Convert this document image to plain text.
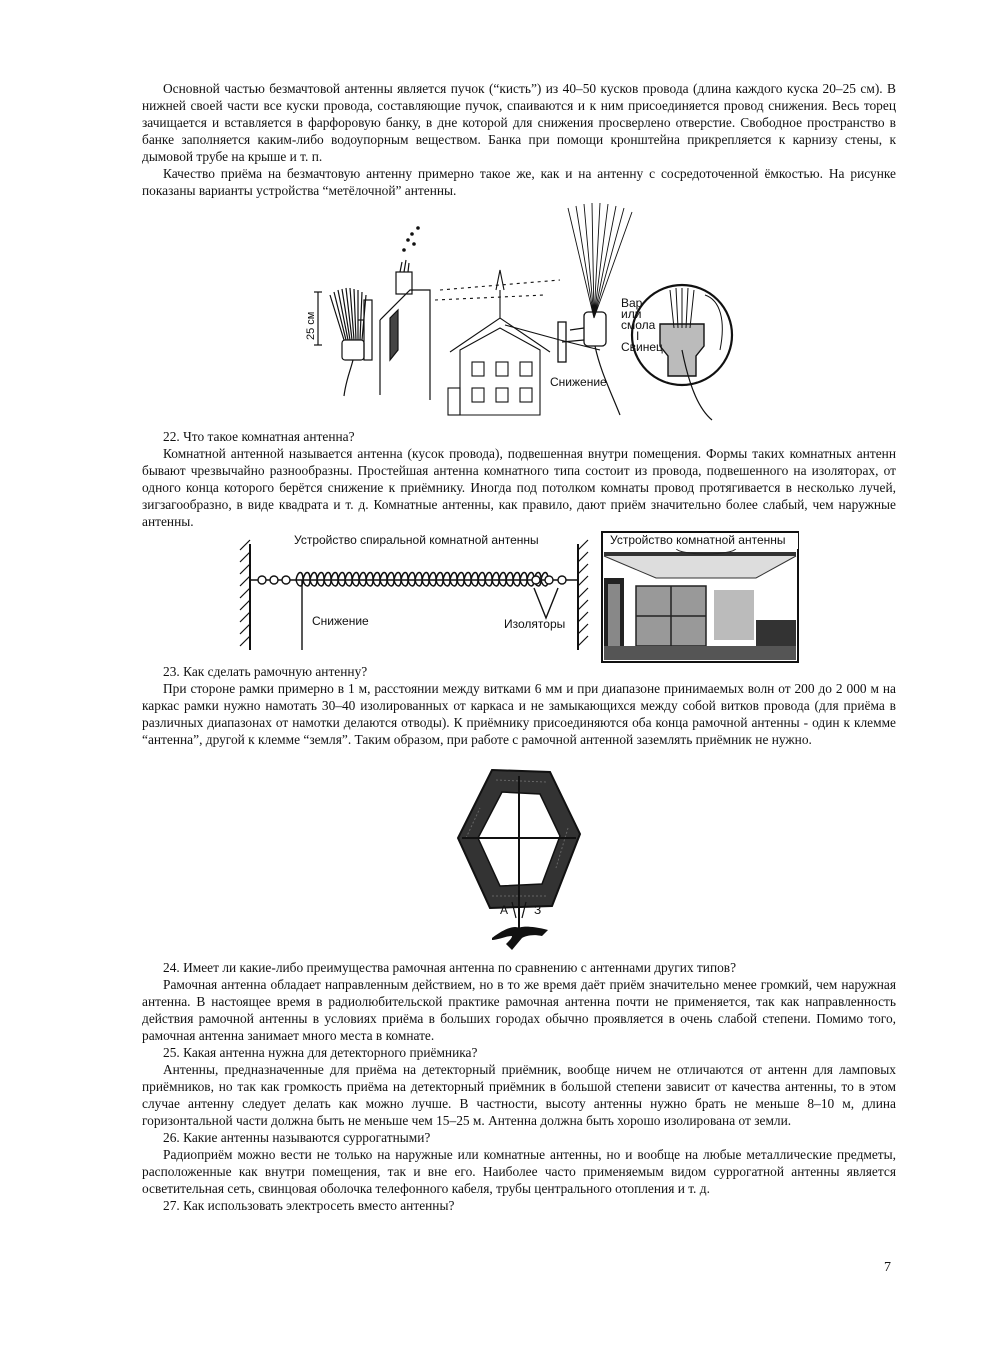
Основной частью безмачтовой антенны является пучок (“кисть”) из 40–50 кусков провода (длина каждого куска 20–25 см). В нижней своей части все куски провода, составляющие пучок, спаиваются и к ним присоединяется провод снижения. Весь торец зачищается и вставляется в фарфоровую банку, в дне которой для снижения просверлено отверстие. Свободное пространство в банке заполняется каким-либо водоупорным веществом. Банка при помощи кронштейна прикрепляется к карнизу стены, к дымовой трубе на крыше и т. п.

Качество приёма на безмачтовую антенну примерно такое же, как и на антенну с сосредоточенной ёмкостью. На рисунке показаны варианты устройства “метёлочной” антенны.

25 см
Вар
или
смола
I
Свинец
Снижение

22. Что такое комнатная антенна?

Комнатной антенной называется антенна (кусок провода), подвешенная внутри помещения. Формы таких комнатных антенн бывают чрезвычайно разнообразны. Простейшая антенна комнатного типа состоит из провода, подвешенного на изоляторах, от одного конца которого берётся снижение к приёмнику. Иногда под потолком комнаты провод протягивается в несколько лучей, зигзагообразно, в виде квадрата и т. д. Комнатные антенны, как правило, дают приём значительно более слабый, чем наружные антенны.

Устройство спиральной комнатной антенны
Снижение	Изоляторы
Устройство комнатной антенны

23. Как сделать рамочную антенну?

При стороне рамки примерно в 1 м, расстоянии между витками 6 мм и при диапазоне принимаемых волн от 200 до 2 000 м на каркас рамки нужно намотать 30–40 изолированных от каркаса и не замыкающихся между собой витков провода (для приёма в различных диапазонах от намотки делаются отводы). К приёмнику присоединяются оба конца рамочной антенны - один к клемме “антенна”, другой к клемме “земля”. Таким образом, при работе с рамочной антенной заземлять приёмник не нужно.

А З

24. Имеет ли какие-либо преимущества рамочная антенна по сравнению с антеннами других типов?

Рамочная антенна обладает направленным действием, но в то же время даёт приём значительно менее громкий, чем наружная антенна. В настоящее время в радиолюбительской практике рамочная антенна почти не применяется, так как направленность действия рамочной антенны в условиях приёма в больших городах обычно проявляется в очень слабой степени. Помимо того, рамочная антенна занимает много места в комнате.

25. Какая антенна нужна для детекторного приёмника?

Антенны, предназначенные для приёма на детекторный приёмник, вообще ничем не отличаются от антенн для ламповых приёмников, но так как громкость приёма на детекторный приёмник в большой степени зависит от качества антенны, то в этом случае антенну следует делать как можно лучше. В частности, высоту антенны нужно брать не меньше 8–10 м, длина горизонтальной части должна быть не меньше чем 15–25 м. Антенна должна быть хорошо изолирована от земли.

26. Какие антенны называются суррогатными?

Радиоприём можно вести не только на наружные или комнатные антенны, но и вообще на любые металлические предметы, расположенные как внутри помещения, так и вне его. Наиболее часто применяемым видом суррогатной антенны является осветительная сеть, свинцовая оболочка телефонного кабеля, трубы центрального отопления и т. д.

27. Как использовать электросеть вместо антенны?

7
